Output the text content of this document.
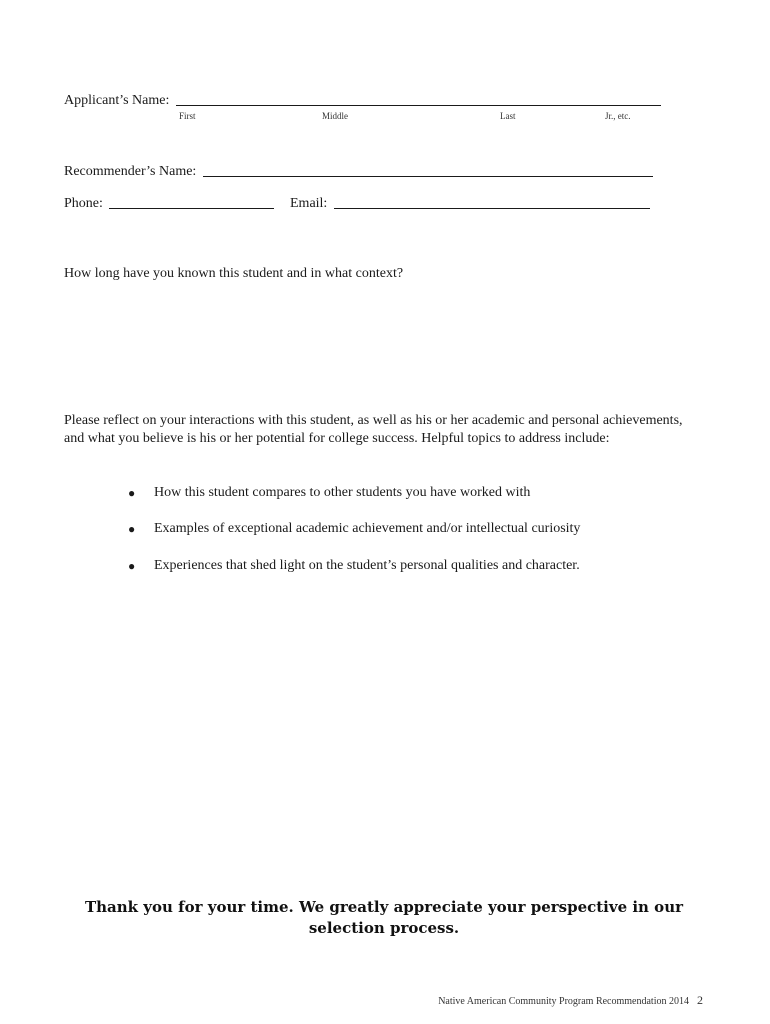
Applicant’s Name:
First	Middle	Last	Jr., etc.
Recommender’s Name:
Phone:	Email:
How long have you known this student and in what context?
Please reflect on your interactions with this student, as well as his or her academic and personal achievements, and what you believe is his or her potential for college success. Helpful topics to address include:
●	How this student compares to other students you have worked with
●	Examples of exceptional academic achievement and/or intellectual curiosity
●	Experiences that shed light on the student’s personal qualities and character.
Thank you for your time. We greatly appreciate your perspective in our selection process.
Native American Community Program Recommendation 2014 2
